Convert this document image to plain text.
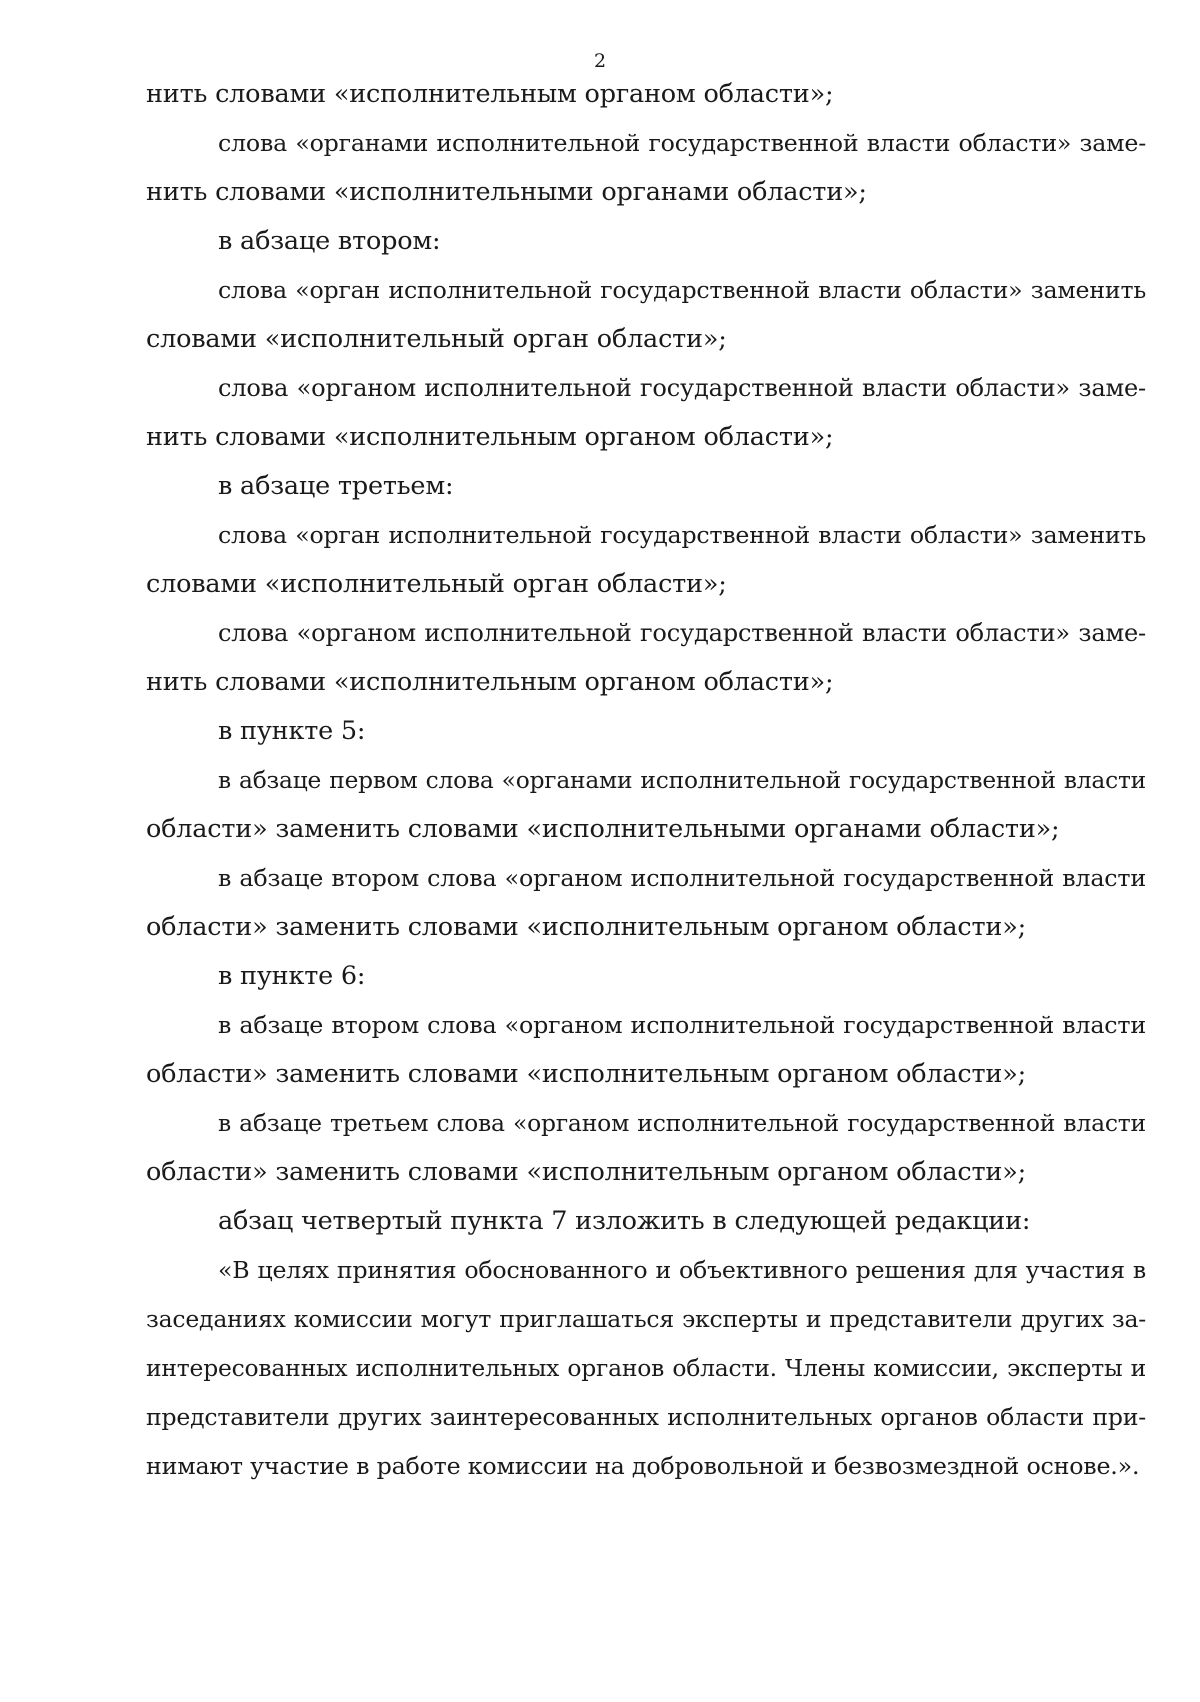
2
нить словами «исполнительным органом области»;
слова «органами исполнительной государственной власти области» заме-
нить словами «исполнительными органами области»;
в абзаце втором:
слова «орган исполнительной государственной власти области» заменить
словами «исполнительный орган области»;
слова «органом исполнительной государственной власти области» заме-
нить словами «исполнительным органом области»;
в абзаце третьем:
слова «орган исполнительной государственной власти области» заменить
словами «исполнительный орган области»;
слова «органом исполнительной государственной власти области» заме-
нить словами «исполнительным органом области»;
в пункте 5:
в абзаце первом слова «органами исполнительной государственной власти
области» заменить словами «исполнительными органами области»;
в абзаце втором слова «органом исполнительной государственной власти
области» заменить словами «исполнительным органом области»;
в пункте 6:
в абзаце втором слова «органом исполнительной государственной власти
области» заменить словами «исполнительным органом области»;
в абзаце третьем слова «органом исполнительной государственной власти
области» заменить словами «исполнительным органом области»;
абзац четвертый пункта 7 изложить в следующей редакции:
«В целях принятия обоснованного и объективного решения для участия в
заседаниях комиссии могут приглашаться эксперты и представители других за-
интересованных исполнительных органов области. Члены комиссии, эксперты и
представители других заинтересованных исполнительных органов области при-
нимают участие в работе комиссии на добровольной и безвозмездной основе.».
